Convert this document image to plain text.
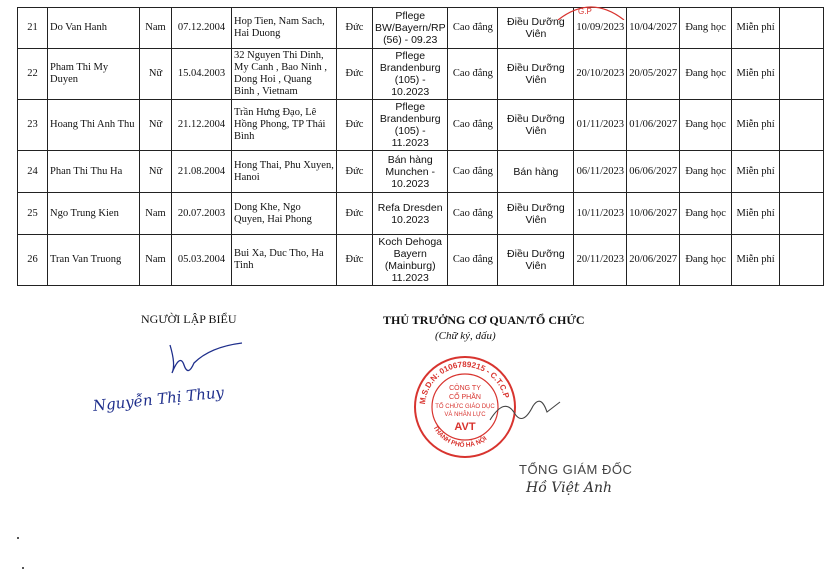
21	Do Van Hanh	Nam	07.12.2004	Hop Tien, Nam Sach, Hai Duong	Đức	Pflege BW/Bayern/RP (56) - 09.23	Cao đẳng	Điều Dưỡng Viên	10/09/2023	10/04/2027	Đang học	Miễn phí	
22	Pham Thi My Duyen	Nữ	15.04.2003	32 Nguyen Thi Dinh, My Canh , Bao Ninh , Dong Hoi , Quang Binh , Vietnam	Đức	Pflege Brandenburg (105) - 10.2023	Cao đẳng	Điều Dưỡng Viên	20/10/2023	20/05/2027	Đang học	Miễn phí	
23	Hoang Thi Anh Thu	Nữ	21.12.2004	Trần Hưng Đạo, Lê Hồng Phong, TP Thái Bình	Đức	Pflege Brandenburg (105) - 11.2023	Cao đẳng	Điều Dưỡng Viên	01/11/2023	01/06/2027	Đang học	Miễn phí	
24	Phan Thi Thu Ha	Nữ	21.08.2004	Hong Thai, Phu Xuyen, Hanoi	Đức	Bán hàng Munchen - 10.2023	Cao đẳng	Bán hàng	06/11/2023	06/06/2027	Đang học	Miễn phí	
25	Ngo Trung Kien	Nam	20.07.2003	Dong Khe, Ngo Quyen, Hai Phong	Đức	Refa Dresden 10.2023	Cao đẳng	Điều Dưỡng Viên	10/11/2023	10/06/2027	Đang học	Miễn phí	
26	Tran Van Truong	Nam	05.03.2004	Bui Xa, Duc Tho, Ha Tinh	Đức	Koch Dehoga Bayern (Mainburg) 11.2023	Cao đẳng	Điều Dưỡng Viên	20/11/2023	20/06/2027	Đang học	Miễn phí	
G.P
NGƯỜI LẬP BIỂU	THỦ TRƯỞNG CƠ QUAN/TỔ CHỨC
(Chữ ký, dấu)
Nguyễn Thị Thuy	M.S.D.N: 0106789215 - C.T.C.P
THÀNH PHỐ HÀ NỘI
CÔNG TY
CỔ PHẦN
TỔ CHỨC GIÁO DỤC
VÀ NHÂN LỰC
AVT
TỔNG GIÁM ĐỐC
Hồ Việt Anh
